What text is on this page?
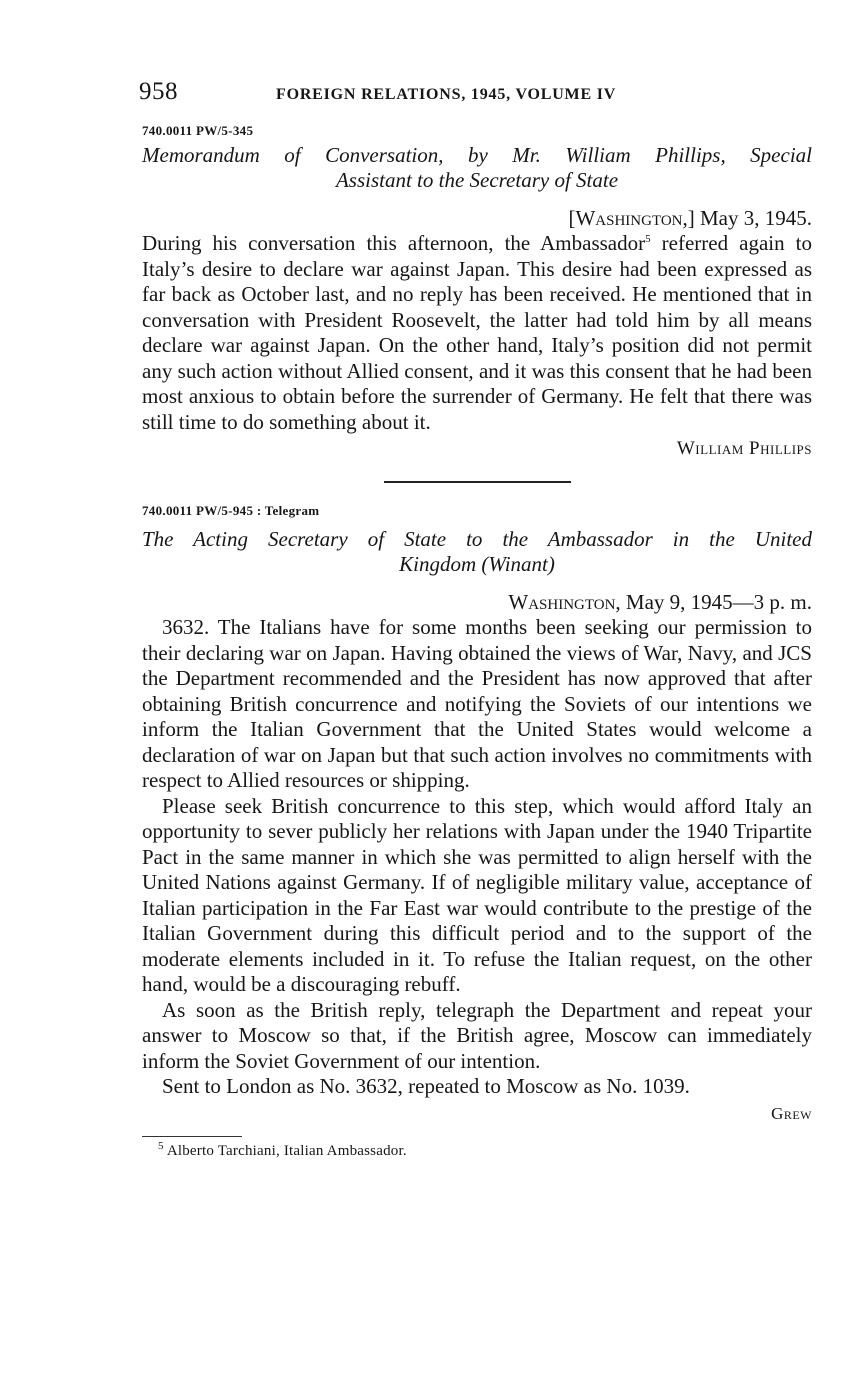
958	FOREIGN RELATIONS, 1945, VOLUME IV
740.0011 PW/5-345
Memorandum of Conversation, by Mr. William Phillips, Special
Assistant to the Secretary of State
[Washington,] May 3, 1945.

During his conversation this afternoon, the Ambassador$^5$ referred again to Italy’s desire to declare war against Japan. This desire had been expressed as far back as October last, and no reply has been received. He mentioned that in conversation with President Roosevelt, the latter had told him by all means declare war against Japan. On the other hand, Italy’s position did not permit any such action without Allied consent, and it was this consent that he had been most anxious to obtain before the surrender of Germany. He felt that there was still time to do something about it.

William Phillips
740.0011 PW/5-945 : Telegram
The Acting Secretary of State to the Ambassador in the United
Kingdom (Winant)
Washington, May 9, 1945—3 p. m.

3632. The Italians have for some months been seeking our permission to their declaring war on Japan. Having obtained the views of War, Navy, and JCS the Department recommended and the President has now approved that after obtaining British concurrence and notifying the Soviets of our intentions we inform the Italian Government that the United States would welcome a declaration of war on Japan but that such action involves no commitments with respect to Allied resources or shipping.

Please seek British concurrence to this step, which would afford Italy an opportunity to sever publicly her relations with Japan under the 1940 Tripartite Pact in the same manner in which she was permitted to align herself with the United Nations against Germany. If of negligible military value, acceptance of Italian participation in the Far East war would contribute to the prestige of the Italian Government during this difficult period and to the support of the moderate elements included in it. To refuse the Italian request, on the other hand, would be a discouraging rebuff.

As soon as the British reply, telegraph the Department and repeat your answer to Moscow so that, if the British agree, Moscow can immediately inform the Soviet Government of our intention.

Sent to London as No. 3632, repeated to Moscow as No. 1039.

Grew
$^5$ Alberto Tarchiani, Italian Ambassador.
